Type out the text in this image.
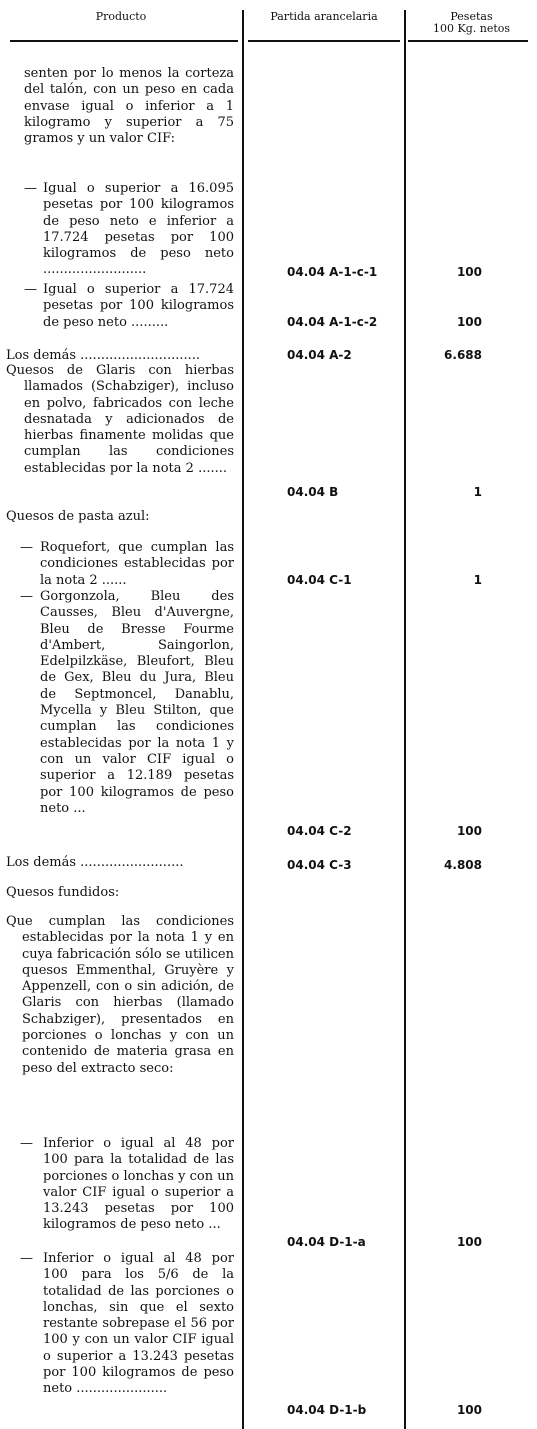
Producto	Partida arancelaria	Pesetas
100 Kg. netos
senten por lo menos la corteza del talón, con un peso en cada envase igual o inferior a 1 kilogramo y superior a 75 gramos y un valor CIF:
— Igual o superior a 16.095 pesetas por 100 kilogramos de peso neto e inferior a 17.724 pesetas por 100 kilogramos de peso neto .........................
— Igual o superior a 17.724 pesetas por 100 kilogramos de peso neto .........
Los demás .............................
Quesos de Glaris con hierbas llamados (Schabziger), incluso en polvo, fabricados con leche desnatada y adicionados de hierbas finamente molidas que cumplan las condiciones establecidas por la nota 2 .......
Quesos de pasta azul:
— Roquefort, que cumplan las condiciones establecidas por la nota 2 ......
— Gorgonzola, Bleu des Causses, Bleu d'Auvergne, Bleu de Bresse Fourme d'Ambert, Saingorlon, Edelpilzkäse, Bleufort, Bleu de Gex, Bleu du Jura, Bleu de Septmoncel, Danablu, Mycella y Bleu Stilton, que cumplan las condiciones establecidas por la nota 1 y con un valor CIF igual o superior a 12.189 pesetas por 100 kilogramos de peso neto ...
Los demás .........................
Quesos fundidos:
Que cumplan las condiciones establecidas por la nota 1 y en cuya fabricación sólo se utilicen quesos Emmenthal, Gruyère y Appenzell, con o sin adición, de Glaris con hierbas (llamado Schabziger), presentados en porciones o lonchas y con un contenido de materia grasa en peso del extracto seco:
— Inferior o igual al 48 por 100 para la totalidad de las porciones o lonchas y con un valor CIF igual o superior a 13.243 pesetas por 100 kilogramos de peso neto ...
— Inferior o igual al 48 por 100 para los 5/6 de la totalidad de las porciones o lonchas, sin que el sexto restante sobrepase el 56 por 100 y con un valor CIF igual o superior a 13.243 pesetas por 100 kilogramos de peso neto ......................
04.04 A-1-c-1
04.04 A-1-c-2
04.04 A-2
04.04 B
04.04 C-1
04.04 C-2
04.04 C-3
04.04 D-1-a
04.04 D-1-b
100
100
6.688
1
1
100
4.808
100
100
